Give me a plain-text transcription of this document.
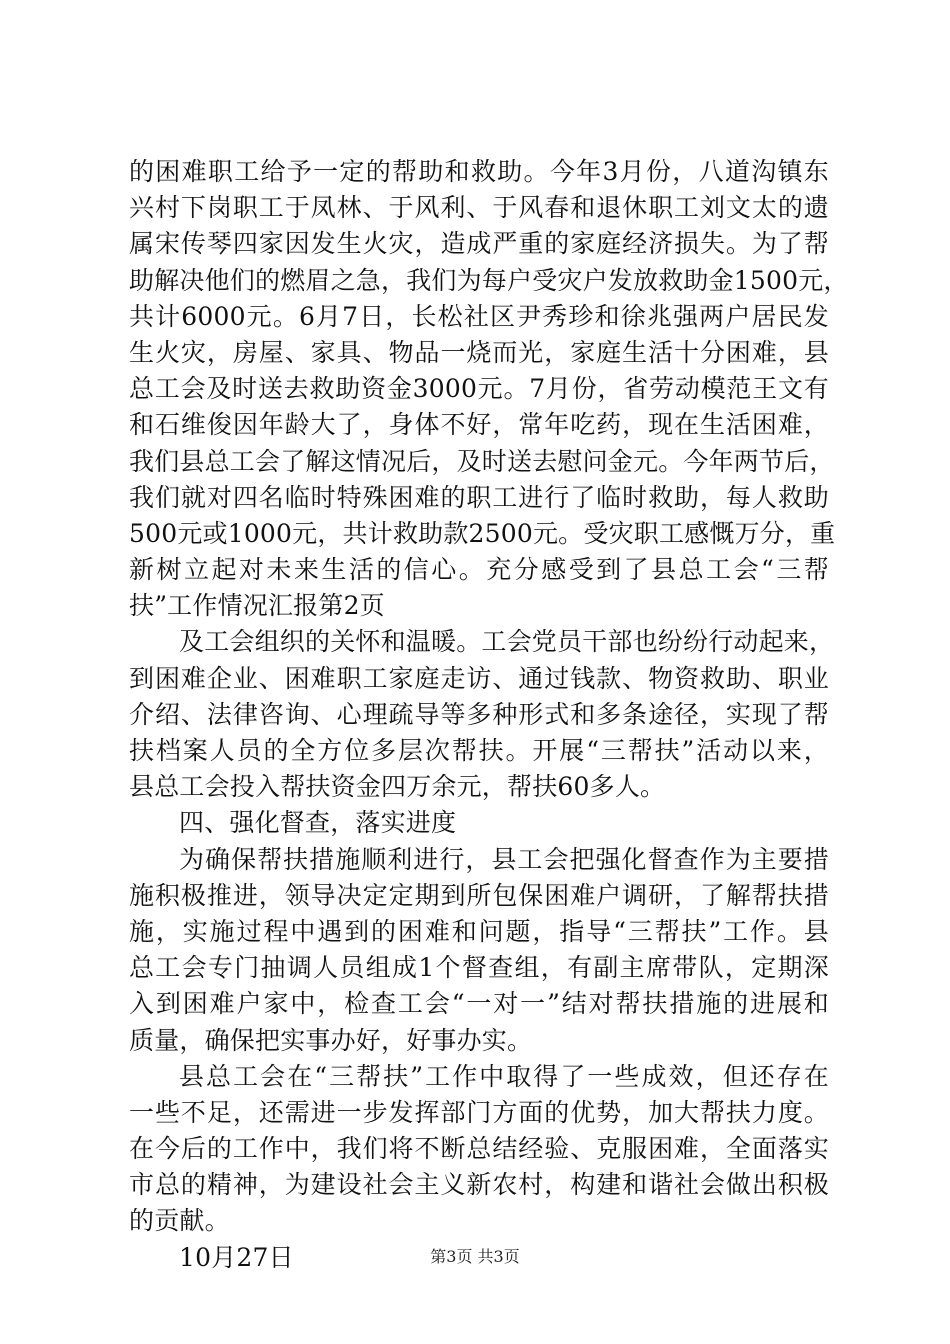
的困难职工给予一定的帮助和救助。今年3月份，八道沟镇东
兴村下岗职工于凤林、于风利、于风春和退休职工刘文太的遗
属宋传琴四家因发生火灾，造成严重的家庭经济损失。为了帮
助解决他们的燃眉之急，我们为每户受灾户发放救助金1500元，
共计6000元。6月7日，长松社区尹秀珍和徐兆强两户居民发
生火灾，房屋、家具、物品一烧而光，家庭生活十分困难，县
总工会及时送去救助资金3000元。7月份，省劳动模范王文有
和石维俊因年龄大了，身体不好，常年吃药，现在生活困难，
我们县总工会了解这情况后，及时送去慰问金元。今年两节后，
我们就对四名临时特殊困难的职工进行了临时救助，每人救助
500元或1000元，共计救助款2500元。受灾职工感慨万分，重
新树立起对未来生活的信心。充分感受到了县总工会“三帮
扶”工作情况汇报第2页
及工会组织的关怀和温暖。工会党员干部也纷纷行动起来，
到困难企业、困难职工家庭走访、通过钱款、物资救助、职业
介绍、法律咨询、心理疏导等多种形式和多条途径，实现了帮
扶档案人员的全方位多层次帮扶。开展“三帮扶”活动以来，
县总工会投入帮扶资金四万余元，帮扶60多人。
四、强化督查，落实进度
为确保帮扶措施顺利进行，县工会把强化督查作为主要措
施积极推进，领导决定定期到所包保困难户调研，了解帮扶措
施，实施过程中遇到的困难和问题，指导“三帮扶”工作。县
总工会专门抽调人员组成1个督查组，有副主席带队，定期深
入到困难户家中，检查工会“一对一”结对帮扶措施的进展和
质量，确保把实事办好，好事办实。
县总工会在“三帮扶”工作中取得了一些成效，但还存在
一些不足，还需进一步发挥部门方面的优势，加大帮扶力度。
在今后的工作中，我们将不断总结经验、克服困难，全面落实
市总的精神，为建设社会主义新农村，构建和谐社会做出积极
的贡献。
10月27日	第3页 共3页
